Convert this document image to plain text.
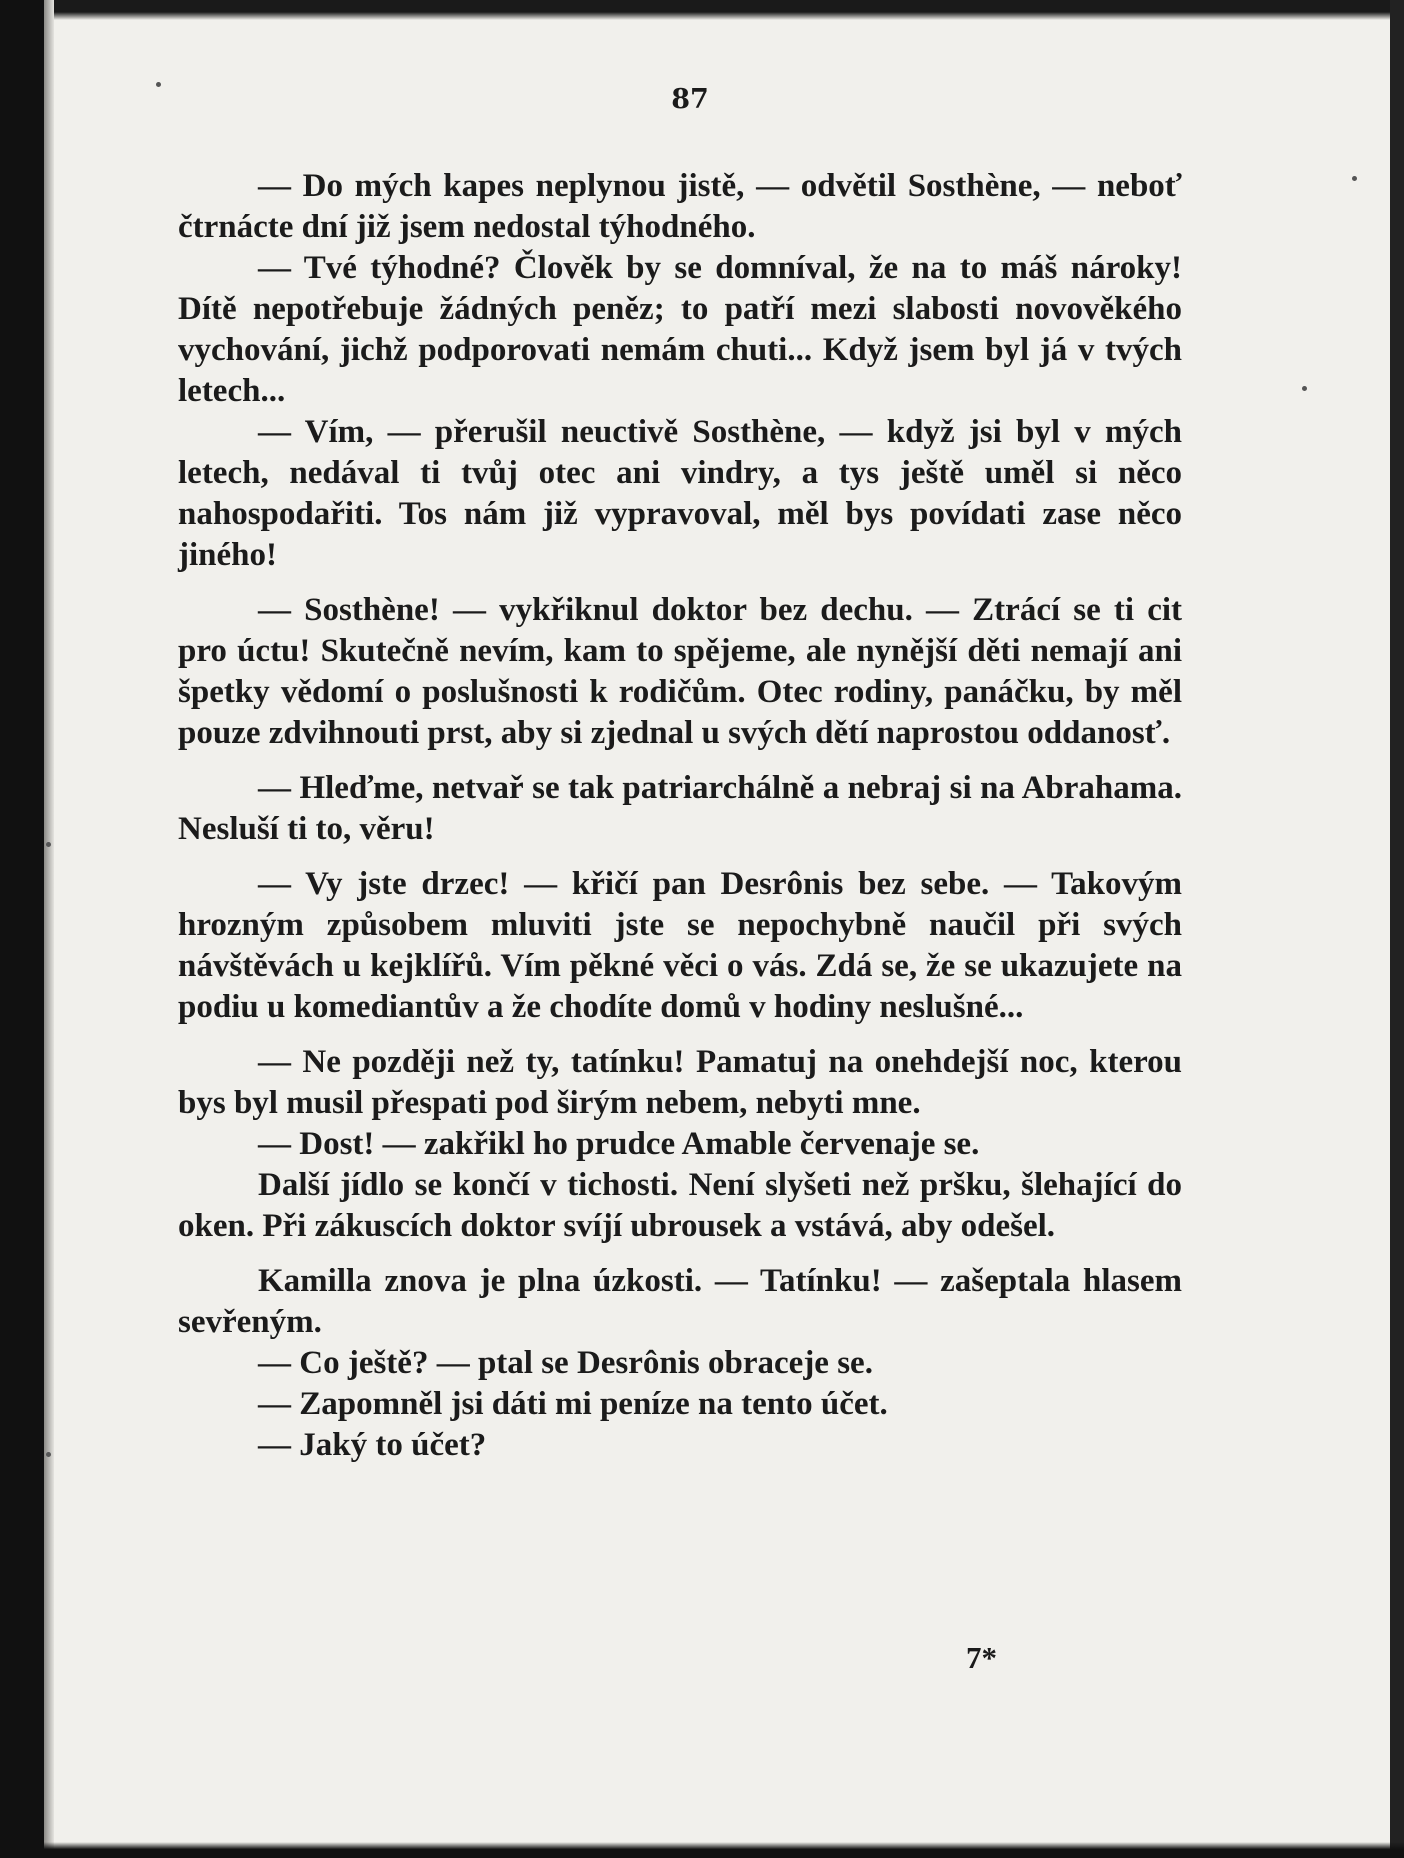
87

— Do mých kapes neplynou jistě, — odvětil Sosthène, — neboť čtrnácte dní již jsem nedostal týhodného.

— Tvé týhodné? Člověk by se domníval, že na to máš nároky! Dítě nepotřebuje žádných peněz; to patří mezi slabosti novověkého vychování, jichž podporovati nemám chuti... Když jsem byl já v tvých letech...

— Vím, — přerušil neuctivě Sosthène, — když jsi byl v mých letech, nedával ti tvůj otec ani vindry, a tys ještě uměl si něco nahospodařiti. Tos nám již vypravoval, měl bys povídati zase něco jiného!

— Sosthène! — vykřiknul doktor bez dechu. — Ztrácí se ti cit pro úctu! Skutečně nevím, kam to spějeme, ale nynější děti nemají ani špetky vědomí o poslušnosti k rodičům. Otec rodiny, panáčku, by měl pouze zdvihnouti prst, aby si zjednal u svých dětí naprostou oddanosť.

— Hleďme, netvař se tak patriarchálně a nebraj si na Abrahama. Nesluší ti to, věru!

— Vy jste drzec! — křičí pan Desrônis bez sebe. — Takovým hrozným způsobem mluviti jste se nepochybně naučil při svých návštěvách u kejklířů. Vím pěkné věci o vás. Zdá se, že se ukazujete na podiu u komediantův a že chodíte domů v hodiny neslušné...

— Ne později než ty, tatínku! Pamatuj na onehdejší noc, kterou bys byl musil přespati pod širým nebem, nebyti mne.

— Dost! — zakřikl ho prudce Amable červenaje se.

Další jídlo se končí v tichosti. Není slyšeti než pršku, šlehající do oken. Při zákuscích doktor svíjí ubrousek a vstává, aby odešel.

Kamilla znova je plna úzkosti. — Tatínku! — zašeptala hlasem sevřeným.

— Co ještě? — ptal se Desrônis obraceje se.

— Zapomněl jsi dáti mi peníze na tento účet.

— Jaký to účet?

7*
